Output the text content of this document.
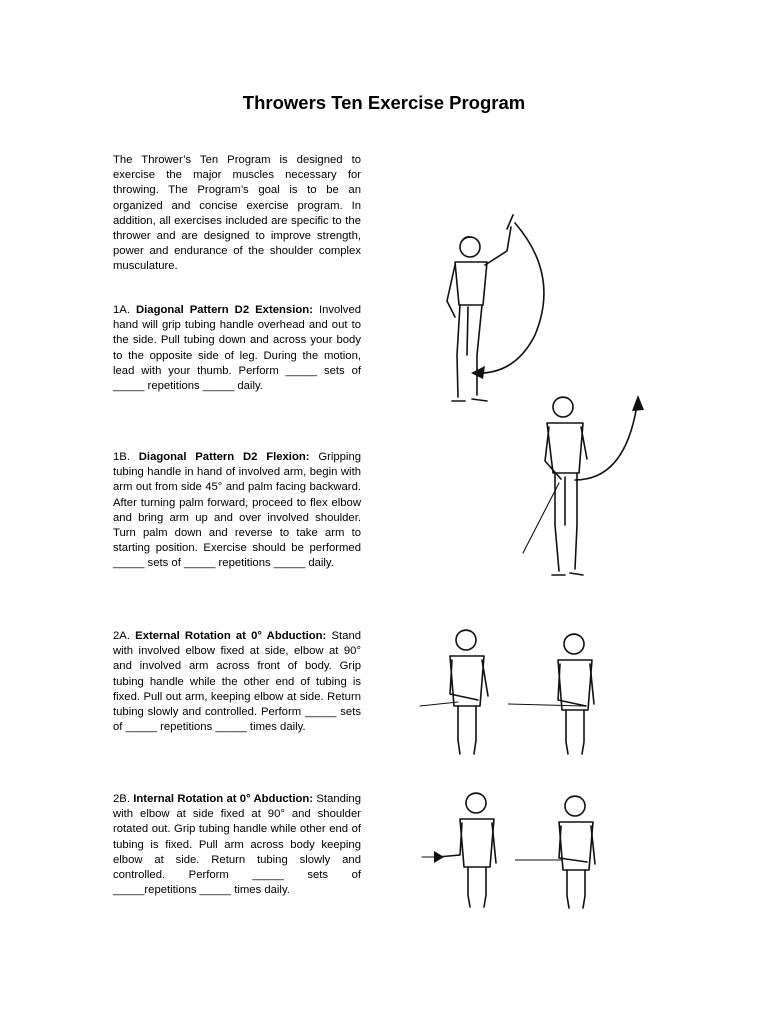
Throwers Ten Exercise Program

The Thrower’s Ten Program is designed to exercise the major muscles necessary for throwing. The Program’s goal is to be an organized and concise exercise program. In addition, all exercises included are specific to the thrower and are designed to improve strength, power and endurance of the shoulder complex musculature.

1A. Diagonal Pattern D2 Extension: Involved hand will grip tubing handle overhead and out to the side. Pull tubing down and across your body to the opposite side of leg. During the motion, lead with your thumb. Perform _____ sets of _____ repetitions _____ daily.

1B. Diagonal Pattern D2 Flexion: Gripping tubing handle in hand of involved arm, begin with arm out from side 45° and palm facing backward. After turning palm forward, proceed to flex elbow and bring arm up and over involved shoulder. Turn palm down and reverse to take arm to starting position. Exercise should be performed _____ sets of _____ repetitions _____ daily.

2A. External Rotation at 0° Abduction: Stand with involved elbow fixed at side, elbow at 90° and involved arm across front of body. Grip tubing handle while the other end of tubing is fixed. Pull out arm, keeping elbow at side. Return tubing slowly and controlled. Perform _____ sets of _____ repetitions _____ times daily.

2B. Internal Rotation at 0° Abduction: Standing with elbow at side fixed at 90° and shoulder rotated out. Grip tubing handle while other end of tubing is fixed. Pull arm across body keeping elbow at side. Return tubing slowly and controlled. Perform _____ sets of _____repetitions _____ times daily.
